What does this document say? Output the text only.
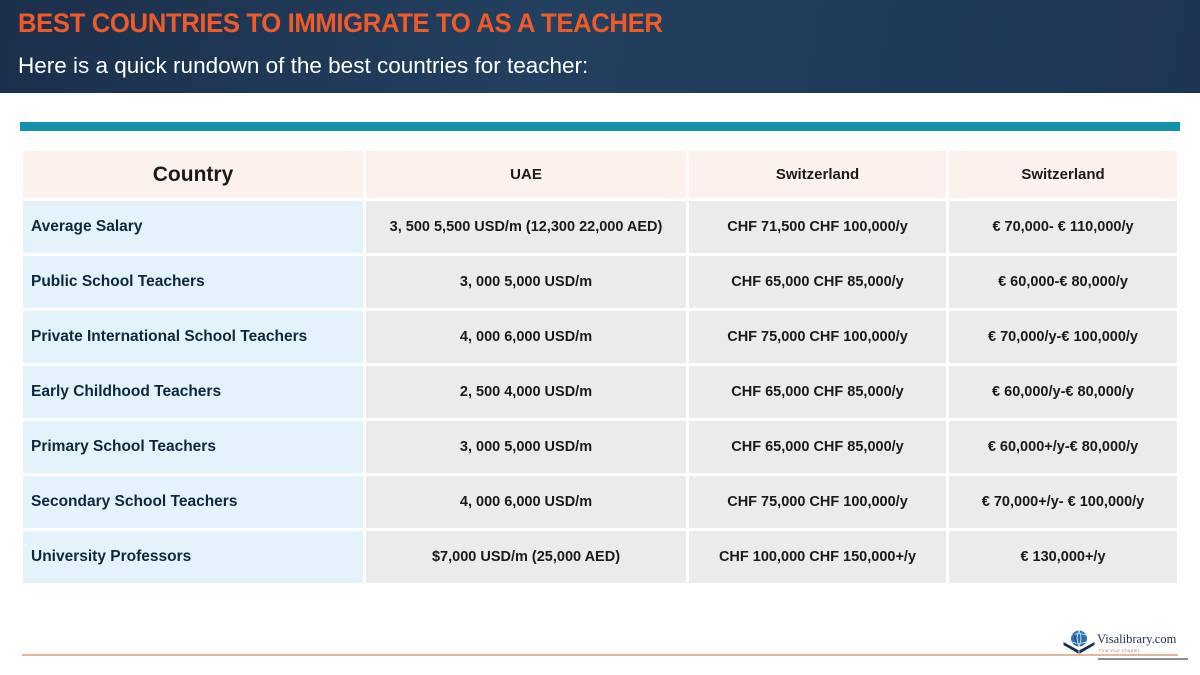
BEST COUNTRIES TO IMMIGRATE TO AS A TEACHER
Here is a quick rundown of the best countries for teacher:
Country	UAE	Switzerland	Switzerland
Average Salary	3, 500 5,500 USD/m (12,300 22,000 AED)	CHF 71,500 CHF 100,000/y	€ 70,000- € 110,000/y
Public School Teachers	3, 000 5,000 USD/m	CHF 65,000 CHF 85,000/y	€ 60,000-€ 80,000/y
Private International School Teachers	4, 000 6,000 USD/m	CHF 75,000 CHF 100,000/y	€ 70,000/y-€ 100,000/y
Early Childhood Teachers	2, 500 4,000 USD/m	CHF 65,000 CHF 85,000/y	€ 60,000/y-€ 80,000/y
Primary School Teachers	3, 000 5,000 USD/m	CHF 65,000 CHF 85,000/y	€ 60,000+/y-€ 80,000/y
Secondary School Teachers	4, 000 6,000 USD/m	CHF 75,000 CHF 100,000/y	€ 70,000+/y- € 100,000/y
University Professors	$7,000 USD/m (25,000 AED)	CHF 100,000 CHF 150,000+/y	€ 130,000+/y
Visalibrary.com
Find Your Chapter
